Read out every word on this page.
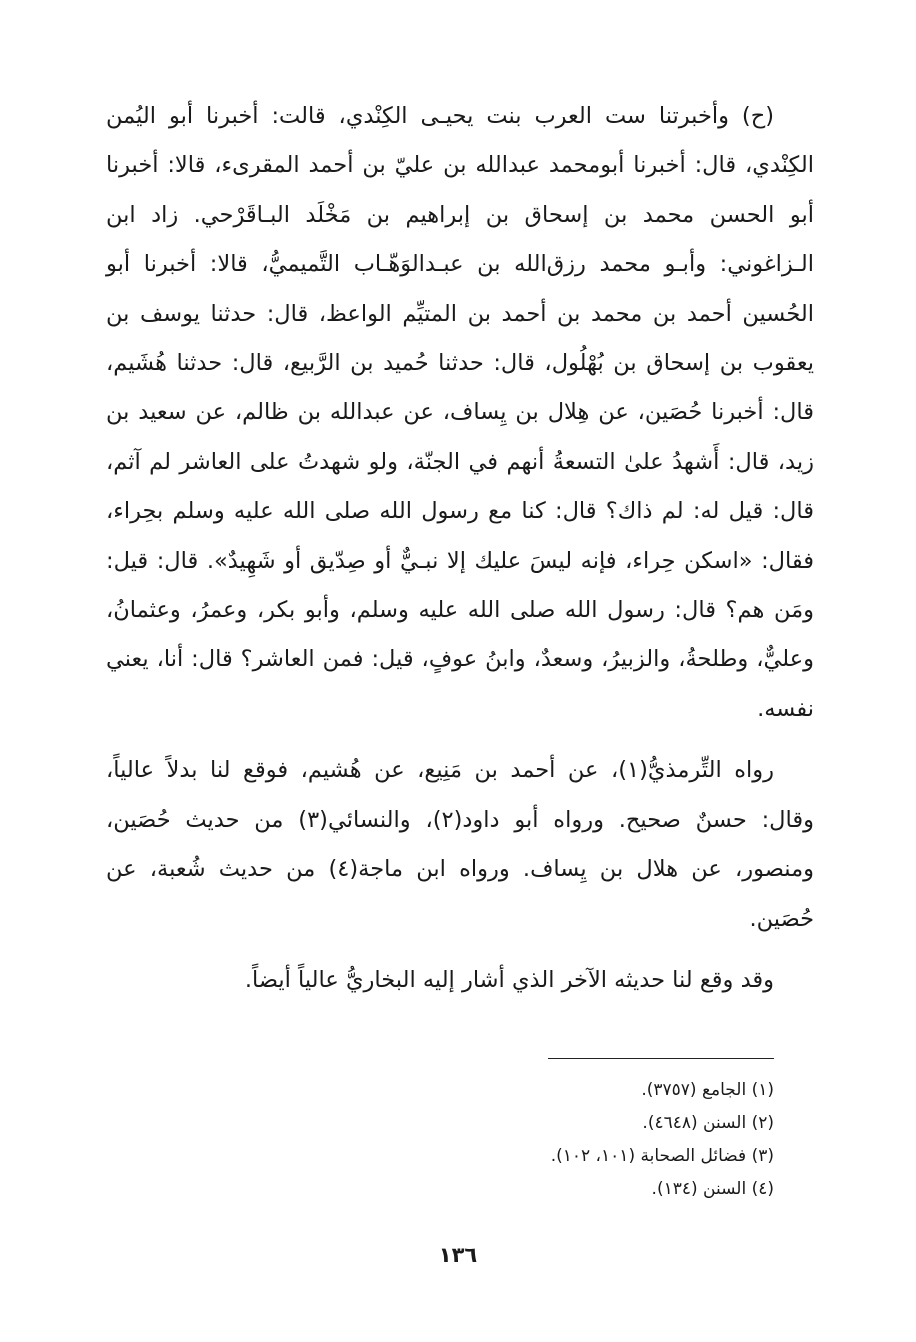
(ح) وأخبرتنا ست العرب بنت يحيـى الكِنْدي، قالت: أخبرنا أبو اليُمن الكِنْدي، قال: أخبرنا أبومحمد عبدالله بن عليّ بن أحمد المقرىء، قالا: أخبرنا أبو الحسن محمد بن إسحاق بن إبراهيم بن مَخْلَد البـاقَرْحي. زاد ابن الـزاغوني: وأبـو محمد رزق‌الله بن عبـدالوَهّـاب التَّميميُّ، قالا: أخبرنا أبو الحُسين أحمد بن محمد بن أحمد بن المتيِّم الواعظ، قال: حدثنا يوسف بن يعقوب بن إسحاق بن بُهْلُول، قال: حدثنا حُميد بن الرَّبيع، قال: حدثنا هُشَيم، قال: أخبرنا حُصَين، عن هِلال بن يِساف، عن عبدالله بن ظالم، عن سعيد بن زيد، قال: أَشهدُ علىٰ التسعةُ أنهم في الجنّة، ولو شهدتُ على العاشر لم آثم، قال: قيل له: لم ذاك؟ قال: كنا مع رسول الله صلى الله عليه وسلم بحِراء، فقال: «اسكن حِراء، فإنه ليسَ عليك إلا نبـيٌّ أو صِدّيق أو شَهِيدٌ». قال: قيل: ومَن هم؟ قال: رسول الله صلى الله عليه وسلم، وأبو بكر، وعمرُ، وعثمانُ، وعليٌّ، وطلحةُ، والزبيرُ، وسعدٌ، وابنُ عوفٍ، قيل: فمن العاشر؟ قال: أنا، يعني نفسه.

رواه التِّرمذيُّ(١)، عن أحمد بن مَنِيع، عن هُشيم، فوقع لنا بدلاً عالياً، وقال: حسنٌ صحيح. ورواه أبو داود(٢)، والنسائي(٣) من حديث حُصَين، ومنصور، عن هلال بن يِساف. ورواه ابن ماجة(٤) من حديث شُعبة، عن حُصَين.

وقد وقع لنا حديثه الآخر الذي أشار إليه البخاريُّ عالياً أيضاً.

(١) الجامع (٣٧٥٧).

(٢) السنن (٤٦٤٨).

(٣) فضائل الصحابة (١٠١، ١٠٢).

(٤) السنن (١٣٤).

١٣٦
